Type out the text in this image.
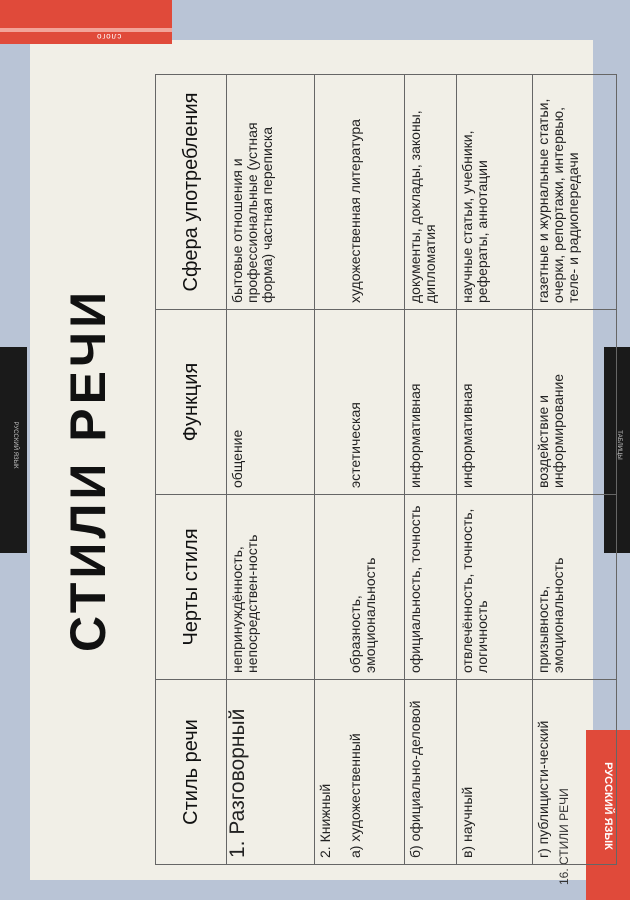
слого
РУССКИЙ ЯЗЫК	ТАБЛИЦЫ
РУССКИЙ ЯЗЫК
16. СТИЛИ РЕЧИ
СТИЛИ РЕЧИ
Стиль речи	Черты стиля	Функция	Сфера употребления
1. Разговорный	непринуждённость, непосредствен-ность	общение	бытовые отношения и профессиональные (устная форма) частная переписка
2. Книжный			
а) художественный	образность, эмоциональность	эстетическая	художественная литература
б) официально-деловой	официальность, точность	информативная	документы, доклады, законы, дипломатия
в) научный	отвлечённость, точность, логичность	информативная	научные статьи, учебники, рефераты, аннотации
г) публицисти-ческий	призывность, эмоциональность	воздействие и информирование	газетные и журнальные статьи, очерки, репортажи, интервью, теле- и радиопередачи
